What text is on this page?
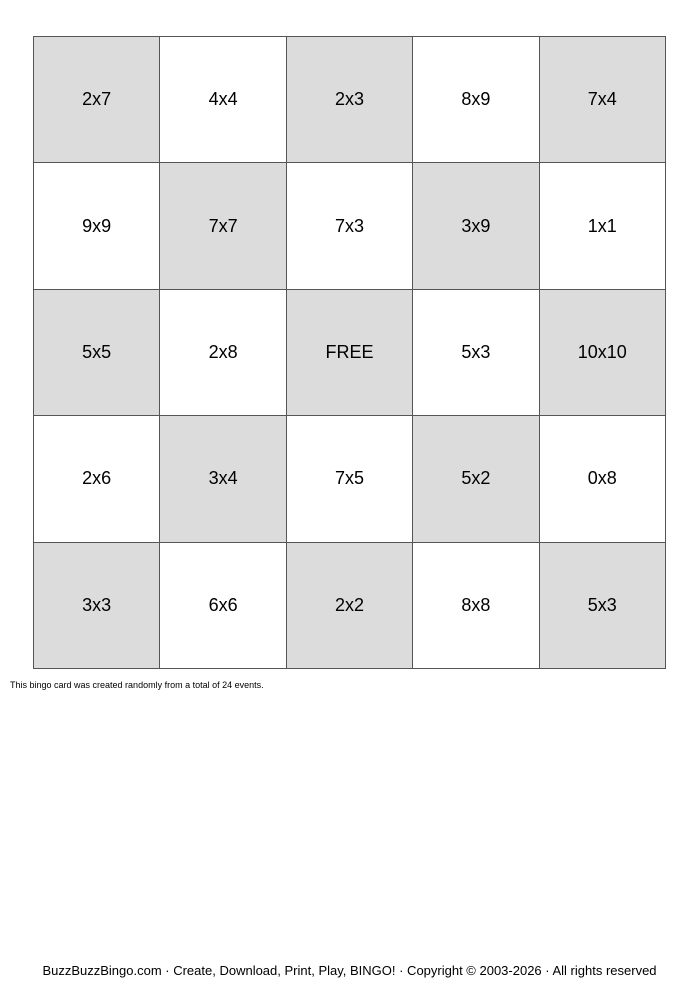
2x7	4x4	2x3	8x9	7x4
9x9	7x7	7x3	3x9	1x1
5x5	2x8	FREE	5x3	10x10
2x6	3x4	7x5	5x2	0x8
3x3	6x6	2x2	8x8	5x3
This bingo card was created randomly from a total of 24 events.
BuzzBuzzBingo.com · Create, Download, Print, Play, BINGO! · Copyright © 2003-2026 · All rights reserved
